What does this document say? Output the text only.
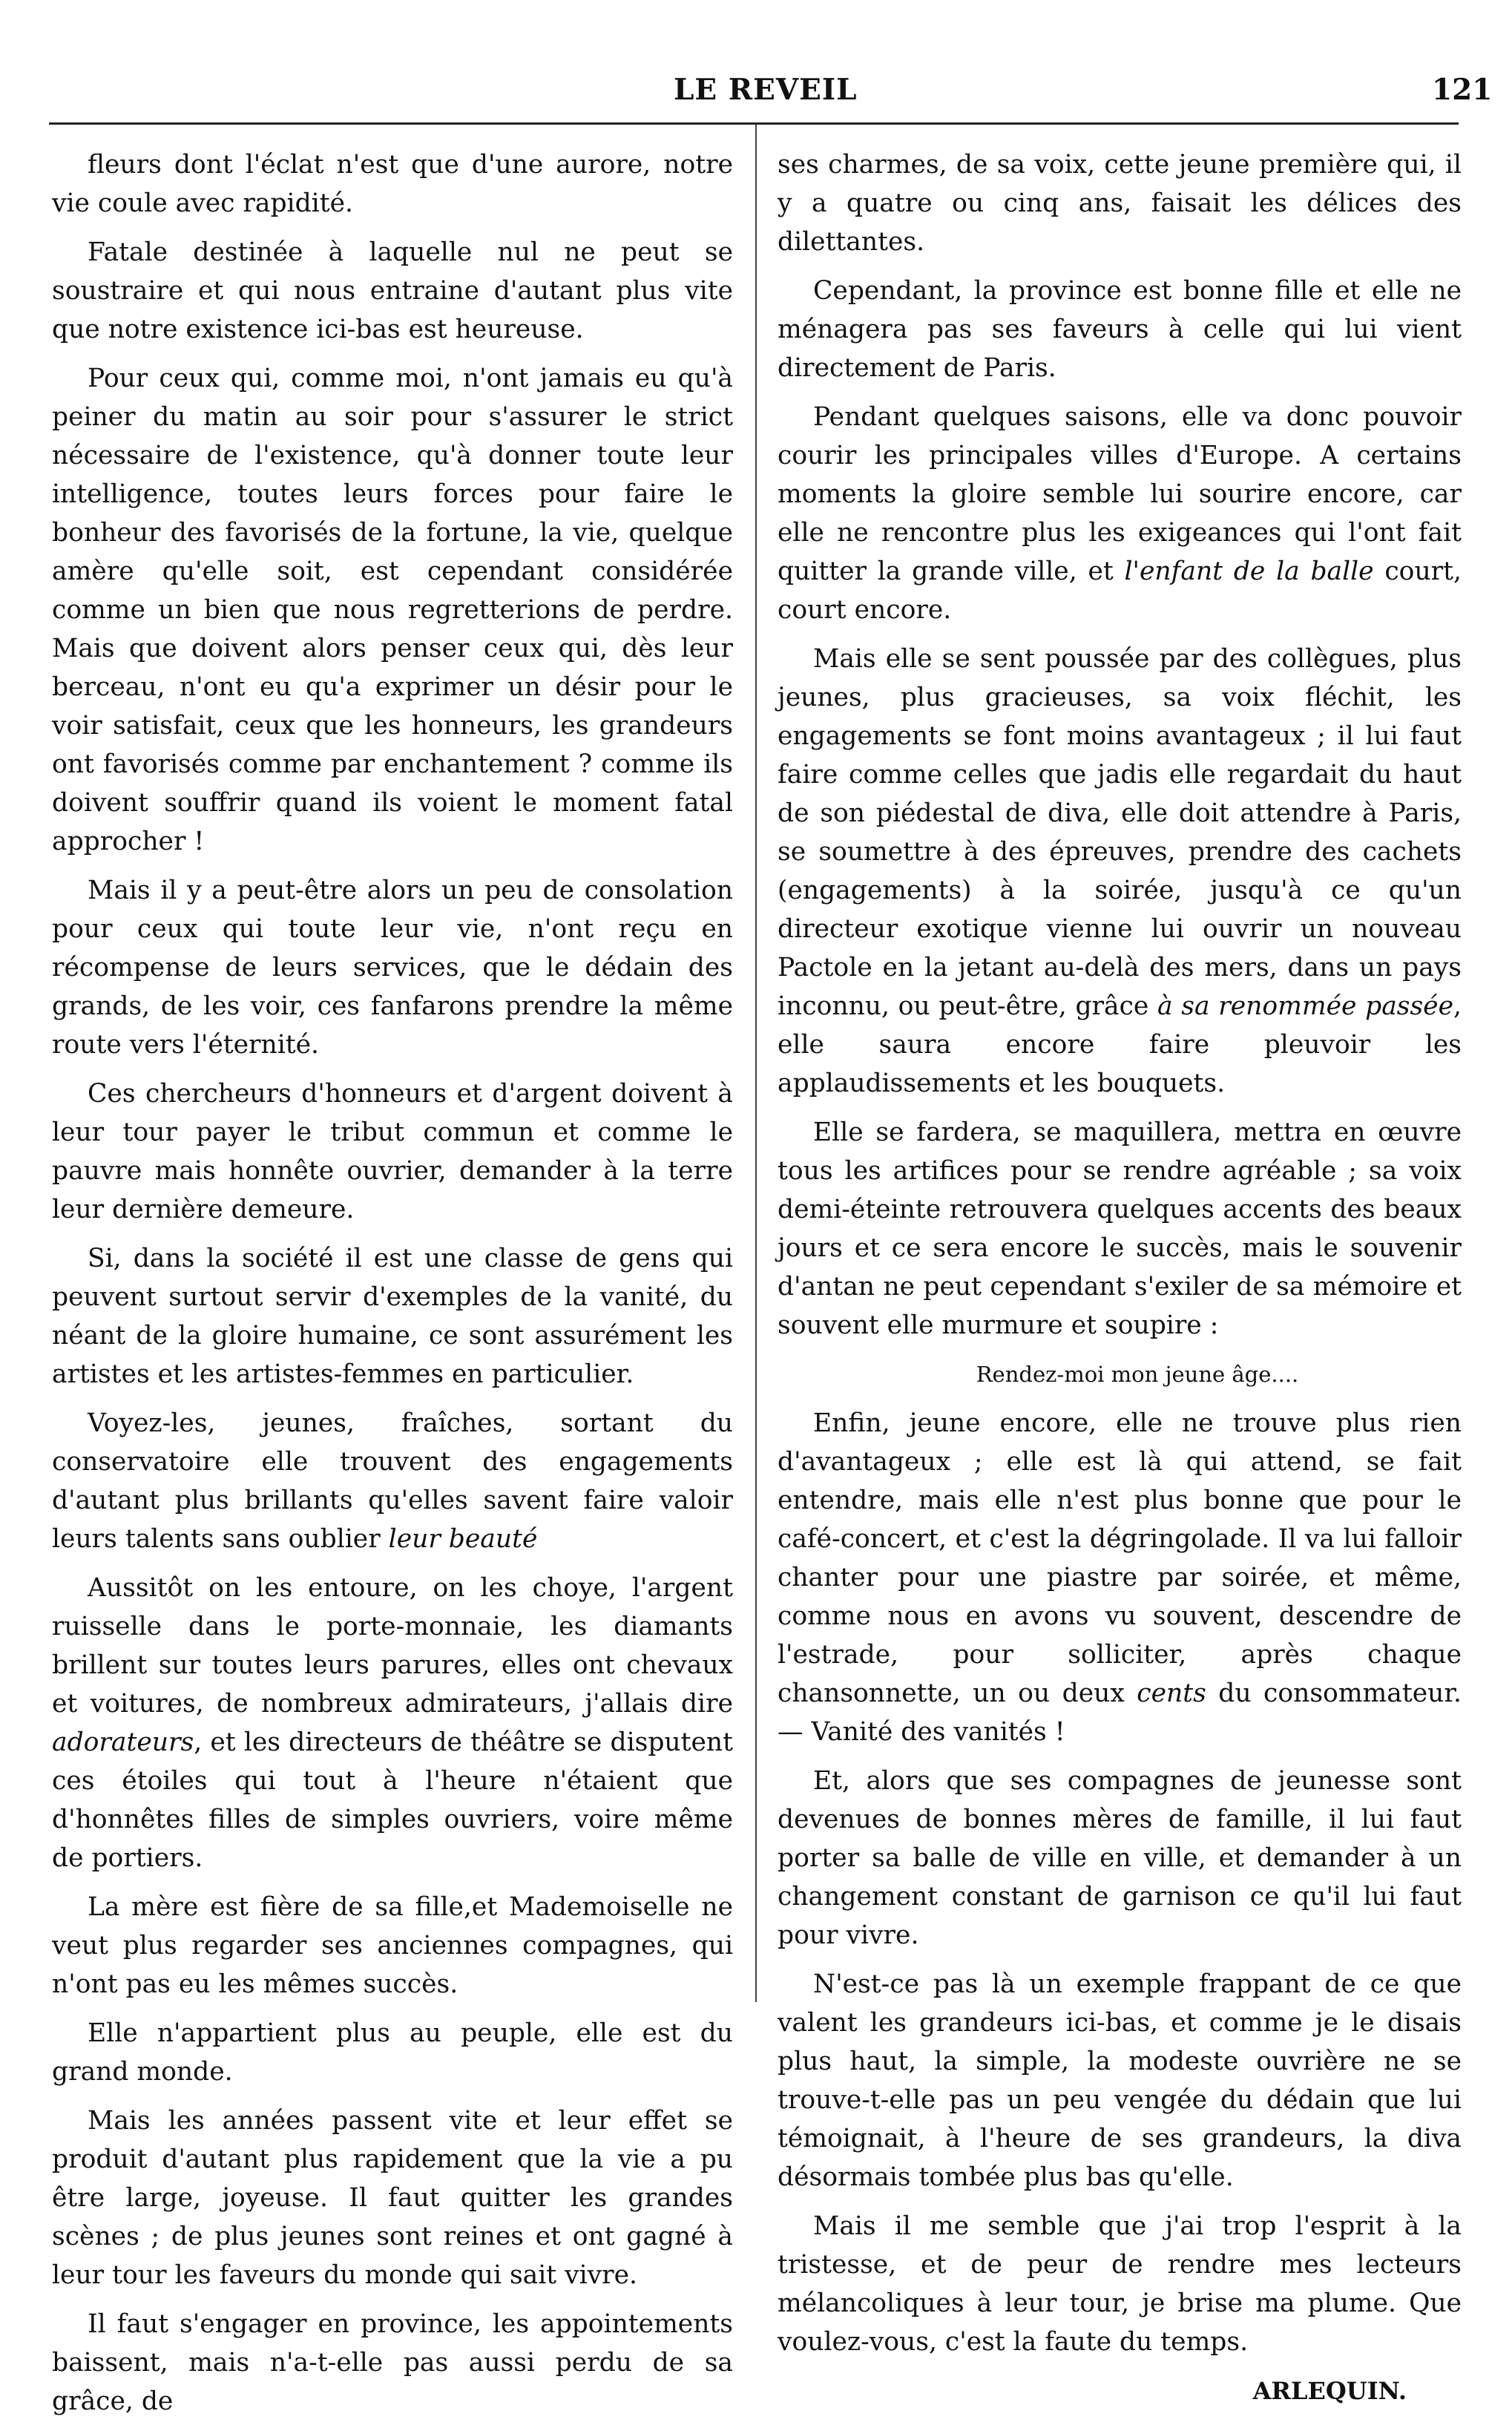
LE REVEIL	121

fleurs dont l'éclat n'est que d'une aurore, notre vie coule avec rapidité.

Fatale destinée à laquelle nul ne peut se soustraire et qui nous entraine d'autant plus vite que notre existence ici-bas est heureuse.

Pour ceux qui, comme moi, n'ont jamais eu qu'à peiner du matin au soir pour s'assurer le strict nécessaire de l'existence, qu'à donner toute leur intelligence, toutes leurs forces pour faire le bonheur des favorisés de la fortune, la vie, quelque amère qu'elle soit, est cependant considérée comme un bien que nous regretterions de perdre. Mais que doivent alors penser ceux qui, dès leur berceau, n'ont eu qu'a exprimer un désir pour le voir satisfait, ceux que les honneurs, les grandeurs ont favorisés comme par enchantement ? comme ils doivent souffrir quand ils voient le moment fatal approcher !

Mais il y a peut-être alors un peu de consolation pour ceux qui toute leur vie, n'ont reçu en récompense de leurs services, que le dédain des grands, de les voir, ces fanfarons prendre la même route vers l'éternité.

Ces chercheurs d'honneurs et d'argent doivent à leur tour payer le tribut commun et comme le pauvre mais honnête ouvrier, demander à la terre leur dernière demeure.

Si, dans la société il est une classe de gens qui peuvent surtout servir d'exemples de la vanité, du néant de la gloire humaine, ce sont assurément les artistes et les artistes-femmes en particulier.

Voyez-les, jeunes, fraîches, sortant du conservatoire elle trouvent des engagements d'autant plus brillants qu'elles savent faire valoir leurs talents sans oublier leur beauté

Aussitôt on les entoure, on les choye, l'argent ruisselle dans le porte-monnaie, les diamants brillent sur toutes leurs parures, elles ont chevaux et voitures, de nombreux admirateurs, j'allais dire adorateurs, et les directeurs de théâtre se disputent ces étoiles qui tout à l'heure n'étaient que d'honnêtes filles de simples ouvriers, voire même de portiers.

La mère est fière de sa fille,et Mademoiselle ne veut plus regarder ses anciennes compagnes, qui n'ont pas eu les mêmes succès.

Elle n'appartient plus au peuple, elle est du grand monde.

Mais les années passent vite et leur effet se produit d'autant plus rapidement que la vie a pu être large, joyeuse. Il faut quitter les grandes scènes ; de plus jeunes sont reines et ont gagné à leur tour les faveurs du monde qui sait vivre.

Il faut s'engager en province, les appointements baissent, mais n'a-t-elle pas aussi perdu de sa grâce, de

ses charmes, de sa voix, cette jeune première qui, il y a quatre ou cinq ans, faisait les délices des dilettantes.

Cependant, la province est bonne fille et elle ne ménagera pas ses faveurs à celle qui lui vient directement de Paris.

Pendant quelques saisons, elle va donc pouvoir courir les principales villes d'Europe. A certains moments la gloire semble lui sourire encore, car elle ne rencontre plus les exigeances qui l'ont fait quitter la grande ville, et l'enfant de la balle court, court encore.

Mais elle se sent poussée par des collègues, plus jeunes, plus gracieuses, sa voix fléchit, les engagements se font moins avantageux ; il lui faut faire comme celles que jadis elle regardait du haut de son piédestal de diva, elle doit attendre à Paris, se soumettre à des épreuves, prendre des cachets (engagements) à la soirée, jusqu'à ce qu'un directeur exotique vienne lui ouvrir un nouveau Pactole en la jetant au-delà des mers, dans un pays inconnu, ou peut-être, grâce à sa renommée passée, elle saura encore faire pleuvoir les applaudissements et les bouquets.

Elle se fardera, se maquillera, mettra en œuvre tous les artifices pour se rendre agréable ; sa voix demi-éteinte retrouvera quelques accents des beaux jours et ce sera encore le succès, mais le souvenir d'antan ne peut cependant s'exiler de sa mémoire et souvent elle murmure et soupire :

Rendez-moi mon jeune âge....

Enfin, jeune encore, elle ne trouve plus rien d'avantageux ; elle est là qui attend, se fait entendre, mais elle n'est plus bonne que pour le café-concert, et c'est la dégringolade. Il va lui falloir chanter pour une piastre par soirée, et même, comme nous en avons vu souvent, descendre de l'estrade, pour solliciter, après chaque chansonnette, un ou deux cents du consommateur. — Vanité des vanités !

Et, alors que ses compagnes de jeunesse sont devenues de bonnes mères de famille, il lui faut porter sa balle de ville en ville, et demander à un changement constant de garnison ce qu'il lui faut pour vivre.

N'est-ce pas là un exemple frappant de ce que valent les grandeurs ici-bas, et comme je le disais plus haut, la simple, la modeste ouvrière ne se trouve-t-elle pas un peu vengée du dédain que lui témoignait, à l'heure de ses grandeurs, la diva désormais tombée plus bas qu'elle.

Mais il me semble que j'ai trop l'esprit à la tristesse, et de peur de rendre mes lecteurs mélancoliques à leur tour, je brise ma plume. Que voulez-vous, c'est la faute du temps.

ARLEQUIN.
